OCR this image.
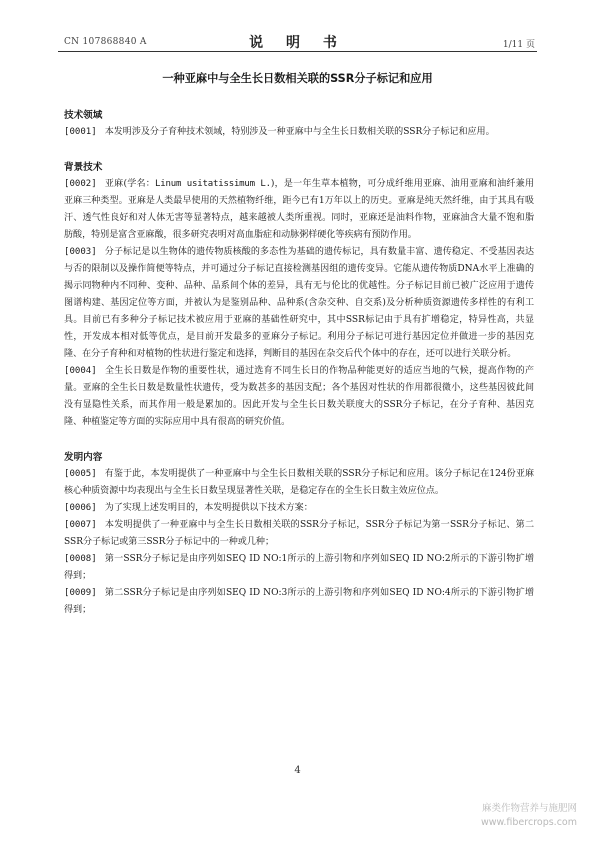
CN 107868840 A	说 明 书	1/11 页
一种亚麻中与全生长日数相关联的SSR分子标记和应用

技术领域

[0001] 本发明涉及分子育种技术领域，特别涉及一种亚麻中与全生长日数相关联的SSR分子标记和应用。

背景技术

[0002] 亚麻(学名：Linum usitatissimum L.)，是一年生草本植物，可分成纤维用亚麻、油用亚麻和油纤兼用亚麻三种类型。亚麻是人类最早使用的天然植物纤维，距今已有1万年以上的历史。亚麻是纯天然纤维，由于其具有吸汗、透气性良好和对人体无害等显著特点，越来越被人类所重视。同时，亚麻还是油料作物，亚麻油含大量不饱和脂肪酸，特别是富含亚麻酸，很多研究表明对高血脂症和动脉粥样硬化等疾病有预防作用。

[0003] 分子标记是以生物体的遗传物质核酸的多态性为基础的遗传标记，具有数量丰富、遗传稳定、不受基因表达与否的限制以及操作简便等特点，并可通过分子标记直接检测基因组的遗传变异。它能从遗传物质DNA水平上准确的揭示同物种内不同种、变种、品种、品系间个体的差异，具有无与伦比的优越性。分子标记目前已被广泛应用于遗传图谱构建、基因定位等方面，并被认为是鉴别品种、品种系(含杂交种、自交系)及分析种质资源遗传多样性的有利工具。目前已有多种分子标记技术被应用于亚麻的基础性研究中，其中SSR标记由于具有扩增稳定，特异性高，共显性，开发成本相对低等优点，是目前开发最多的亚麻分子标记。利用分子标记可进行基因定位并做进一步的基因克隆、在分子育种和对植物的性状进行鉴定和选择，判断目的基因在杂交后代个体中的存在，还可以进行关联分析。

[0004] 全生长日数是作物的重要性状，通过选育不同生长日的作物品种能更好的适应当地的气候，提高作物的产量。亚麻的全生长日数是数量性状遗传，受为数甚多的基因支配；各个基因对性状的作用都很微小，这些基因彼此间没有显隐性关系，而其作用一般是累加的。因此开发与全生长日数关联度大的SSR分子标记，在分子育种、基因克隆、种植鉴定等方面的实际应用中具有很高的研究价值。

发明内容

[0005] 有鉴于此，本发明提供了一种亚麻中与全生长日数相关联的SSR分子标记和应用。该分子标记在124份亚麻核心种质资源中均表现出与全生长日数呈现显著性关联，是稳定存在的全生长日数主效应位点。

[0006] 为了实现上述发明目的，本发明提供以下技术方案：

[0007] 本发明提供了一种亚麻中与全生长日数相关联的SSR分子标记，SSR分子标记为第一SSR分子标记、第二SSR分子标记或第三SSR分子标记中的一种或几种；

[0008] 第一SSR分子标记是由序列如SEQ ID NO:1所示的上游引物和序列如SEQ ID NO:2所示的下游引物扩增得到；

[0009] 第二SSR分子标记是由序列如SEQ ID NO:3所示的上游引物和序列如SEQ ID NO:4所示的下游引物扩增得到；

4
麻类作物营养与施肥网
www.fibercrops.com
